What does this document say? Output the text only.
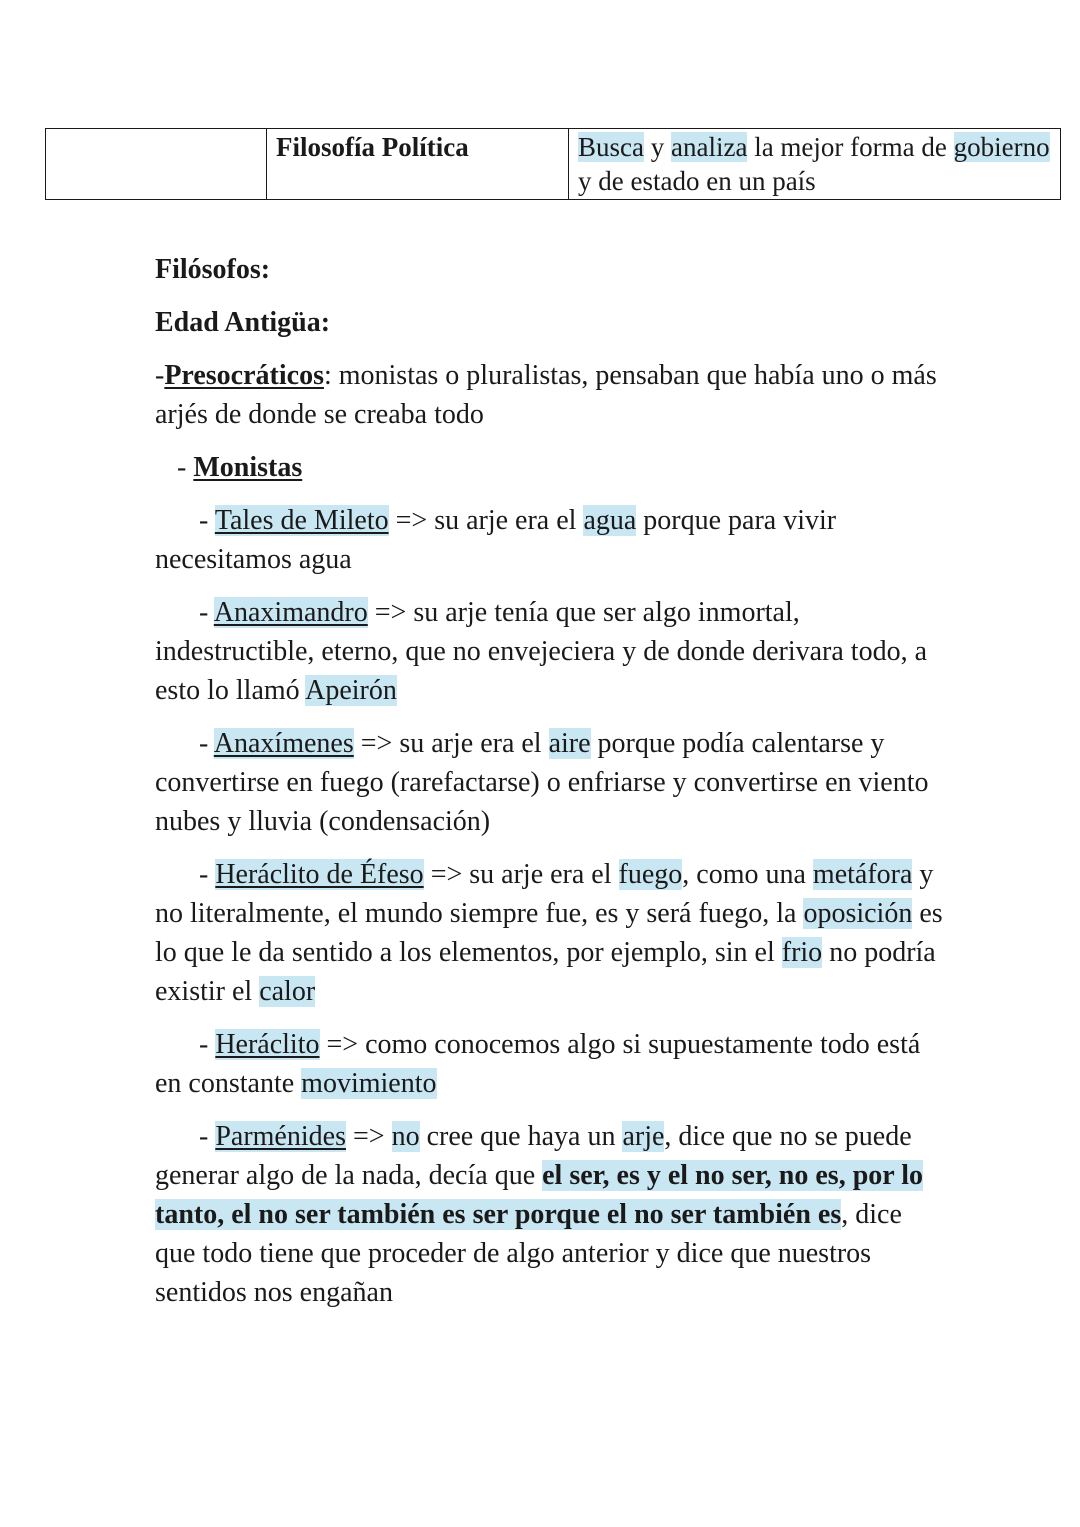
	Filosofía Política	Busca y analiza la mejor forma de gobierno y de estado en un país

Filósofos:

Edad Antigüa:

-Presocráticos: monistas o pluralistas, pensaban que había uno o más arjés de donde se creaba todo

- Monistas

- Tales de Mileto => su arje era el agua porque para vivir necesitamos agua

- Anaximandro => su arje tenía que ser algo inmortal, indestructible, eterno, que no envejeciera y de donde derivara todo, a esto lo llamó Apeirón

- Anaxímenes => su arje era el aire porque podía calentarse y convertirse en fuego (rarefactarse) o enfriarse y convertirse en viento nubes y lluvia (condensación)

- Heráclito de Éfeso => su arje era el fuego, como una metáfora y no literalmente, el mundo siempre fue, es y será fuego, la oposición es lo que le da sentido a los elementos, por ejemplo, sin el frio no podría existir el calor

- Heráclito => como conocemos algo si supuestamente todo está en constante movimiento

- Parménides => no cree que haya un arje, dice que no se puede generar algo de la nada, decía que el ser, es y el no ser, no es, por lo tanto, el no ser también es ser porque el no ser también es, dice que todo tiene que proceder de algo anterior y dice que nuestros sentidos nos engañan
